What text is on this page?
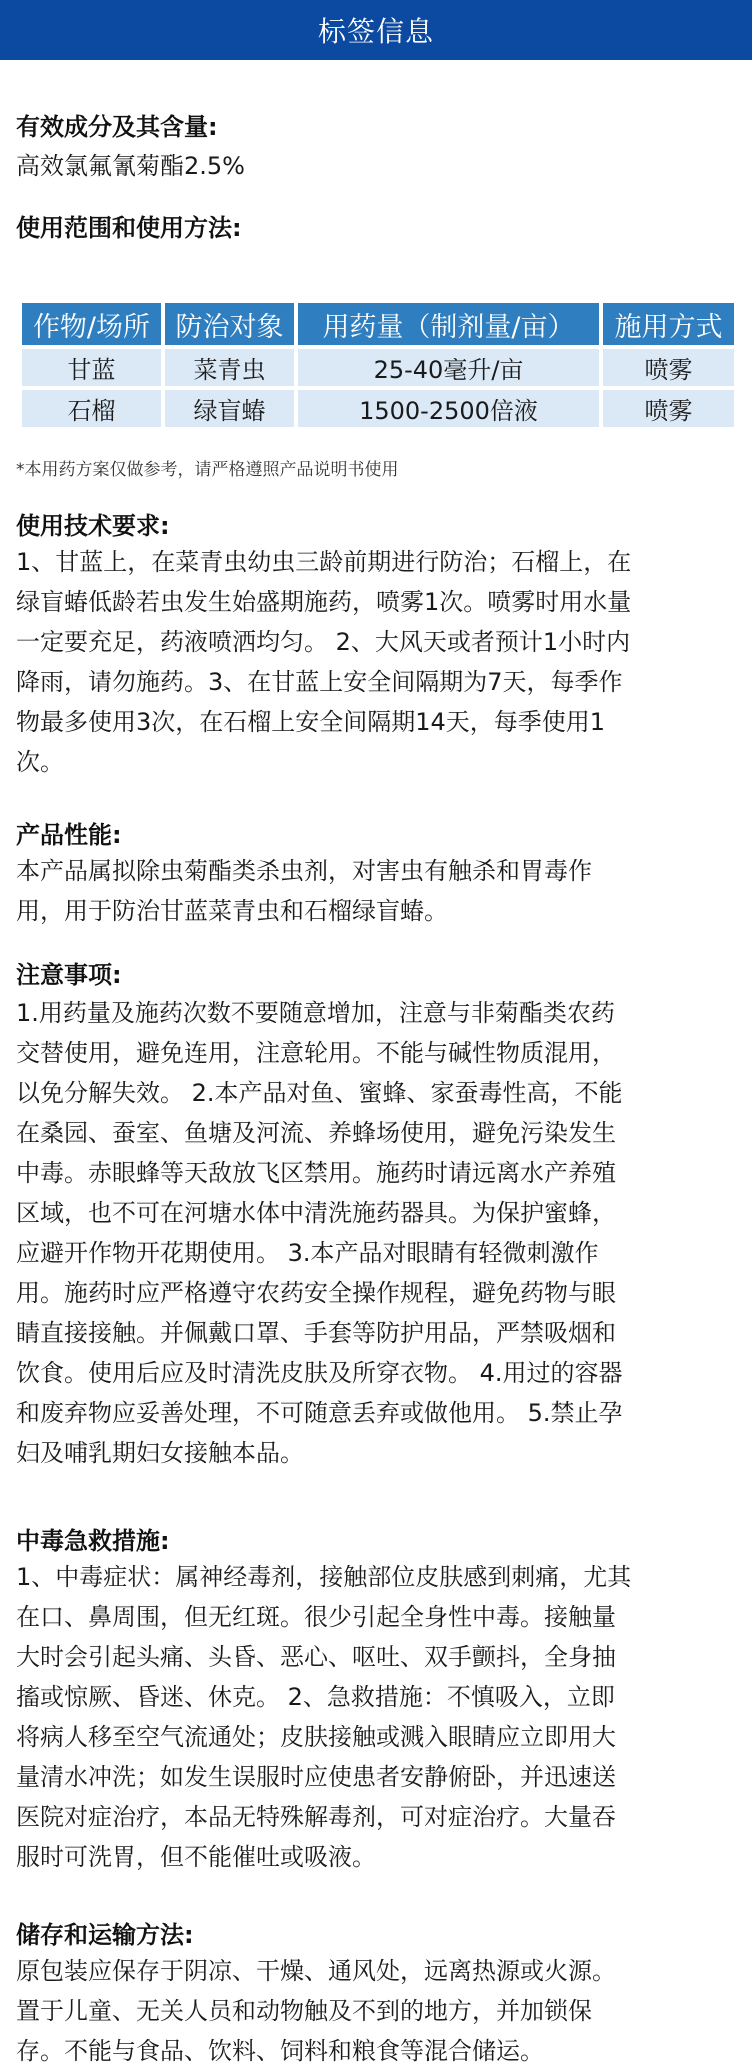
标签信息
有效成分及其含量:
高效氯氟氰菊酯2.5%
使用范围和使用方法:
作物/场所	防治对象	用药量（制剂量/亩）	施用方式
甘蓝	菜青虫	25-40毫升/亩	喷雾
石榴	绿盲蝽	1500-2500倍液	喷雾
*本用药方案仅做参考，请严格遵照产品说明书使用
使用技术要求:
1、甘蓝上，在菜青虫幼虫三龄前期进行防治；石榴上，在
绿盲蝽低龄若虫发生始盛期施药，喷雾1次。喷雾时用水量
一定要充足，药液喷洒均匀。 2、大风天或者预计1小时内
降雨，请勿施药。3、在甘蓝上安全间隔期为7天，每季作
物最多使用3次，在石榴上安全间隔期14天，每季使用1
次。
产品性能:
本产品属拟除虫菊酯类杀虫剂，对害虫有触杀和胃毒作
用，用于防治甘蓝菜青虫和石榴绿盲蝽。
注意事项:
1.用药量及施药次数不要随意增加，注意与非菊酯类农药
交替使用，避免连用，注意轮用。不能与碱性物质混用，
以免分解失效。 2.本产品对鱼、蜜蜂、家蚕毒性高，不能
在桑园、蚕室、鱼塘及河流、养蜂场使用，避免污染发生
中毒。赤眼蜂等天敌放飞区禁用。施药时请远离水产养殖
区域，也不可在河塘水体中清洗施药器具。为保护蜜蜂，
应避开作物开花期使用。 3.本产品对眼睛有轻微刺激作
用。施药时应严格遵守农药安全操作规程，避免药物与眼
睛直接接触。并佩戴口罩、手套等防护用品，严禁吸烟和
饮食。使用后应及时清洗皮肤及所穿衣物。 4.用过的容器
和废弃物应妥善处理，不可随意丢弃或做他用。 5.禁止孕
妇及哺乳期妇女接触本品。
中毒急救措施:
1、中毒症状：属神经毒剂，接触部位皮肤感到刺痛，尤其
在口、鼻周围，但无红斑。很少引起全身性中毒。接触量
大时会引起头痛、头昏、恶心、呕吐、双手颤抖，全身抽
搐或惊厥、昏迷、休克。 2、急救措施：不慎吸入，立即
将病人移至空气流通处；皮肤接触或溅入眼睛应立即用大
量清水冲洗；如发生误服时应使患者安静俯卧，并迅速送
医院对症治疗，本品无特殊解毒剂，可对症治疗。大量吞
服时可洗胃，但不能催吐或吸液。
储存和运输方法:
原包装应保存于阴凉、干燥、通风处，远离热源或火源。
置于儿童、无关人员和动物触及不到的地方，并加锁保
存。不能与食品、饮料、饲料和粮食等混合储运。
